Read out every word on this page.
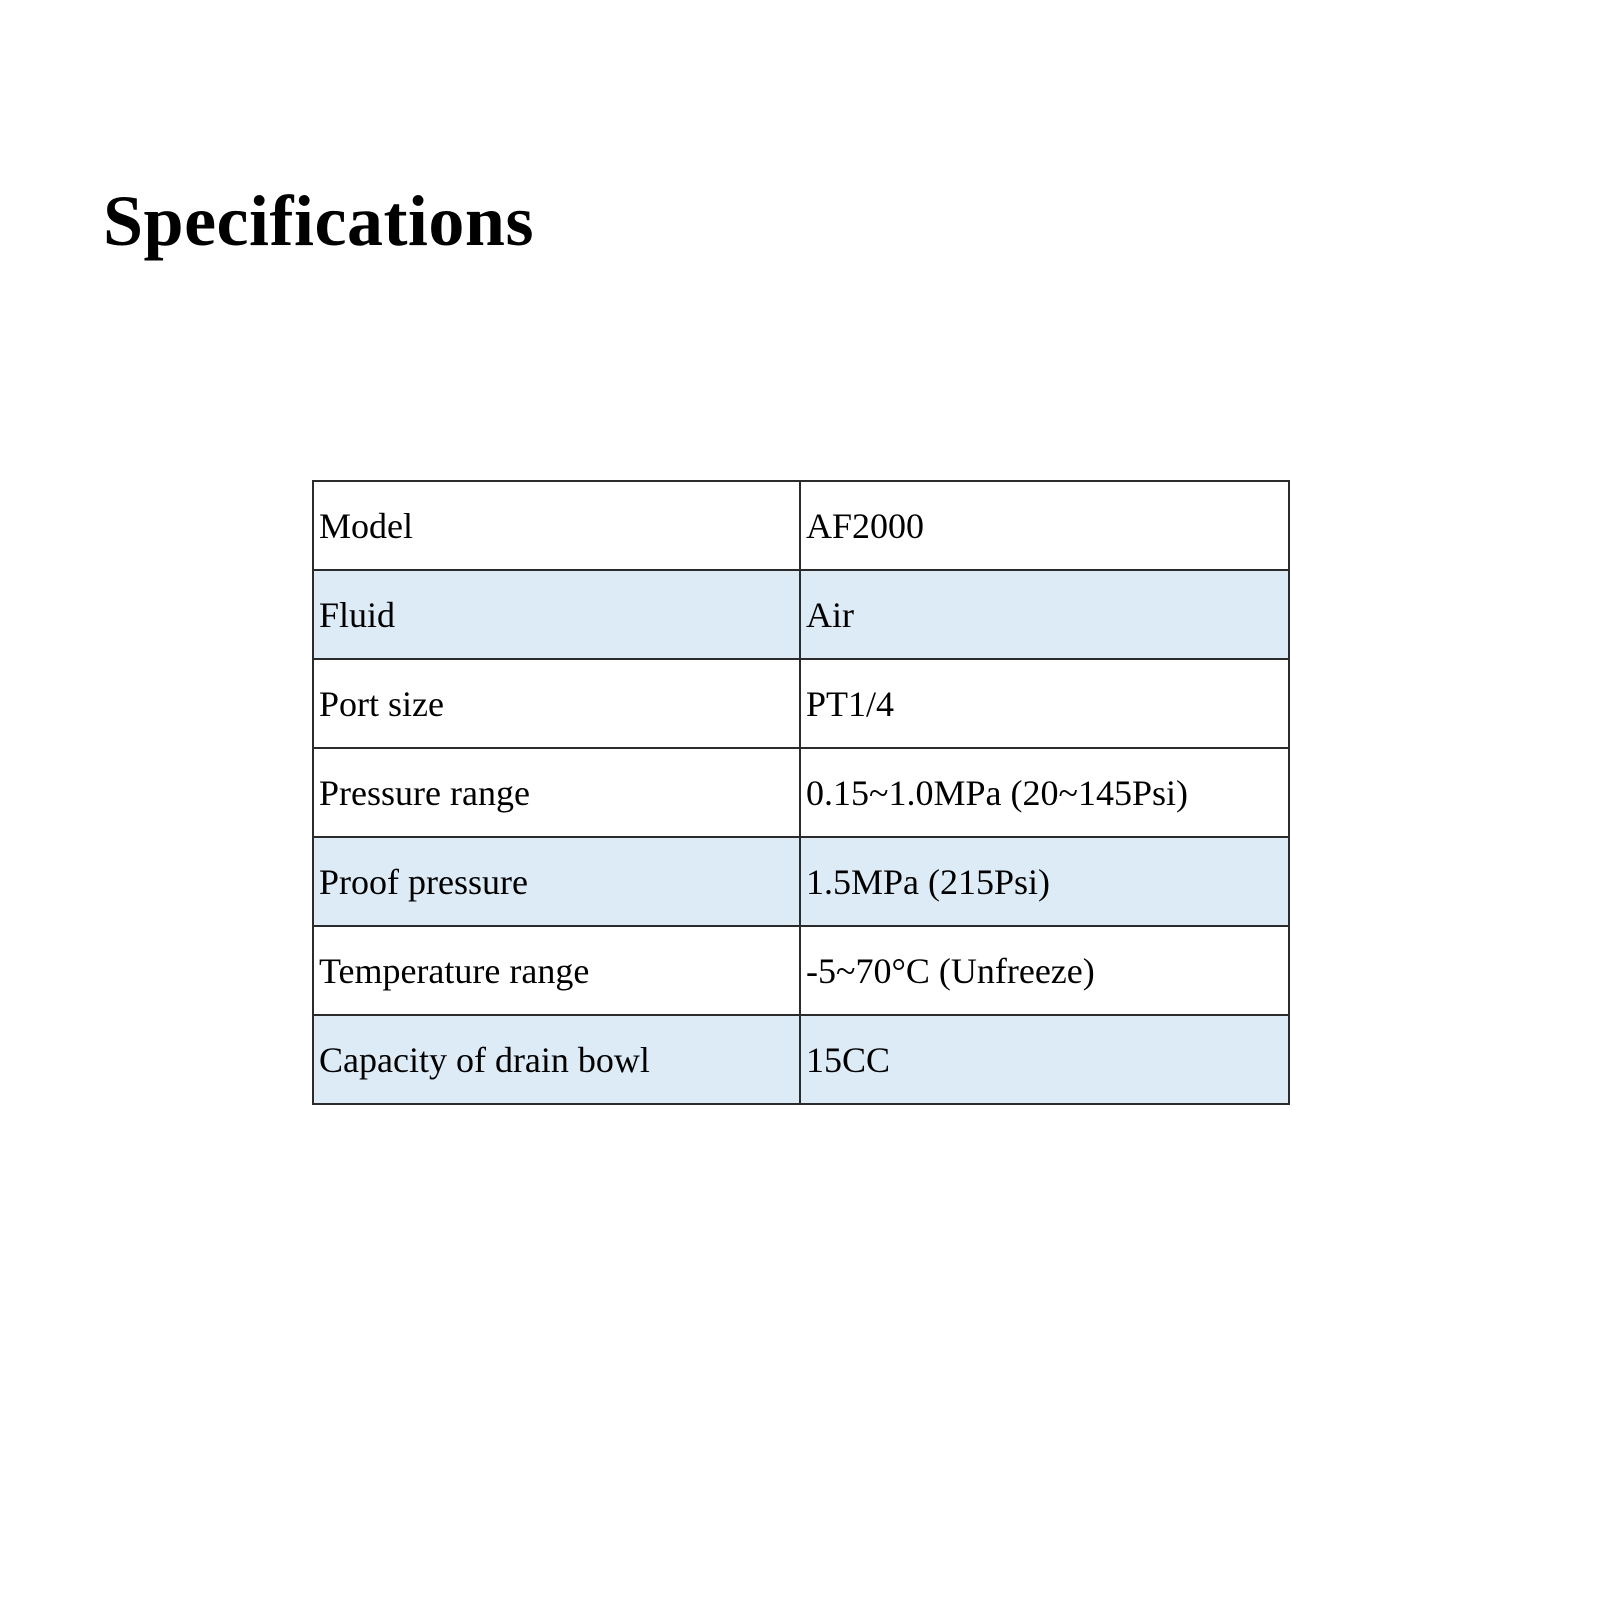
Specifications
Model	AF2000
Fluid	Air
Port size	PT1/4
Pressure range	0.15~1.0MPa (20~145Psi)
Proof pressure	1.5MPa (215Psi)
Temperature range	-5~70°C (Unfreeze)
Capacity of drain bowl	15CC
